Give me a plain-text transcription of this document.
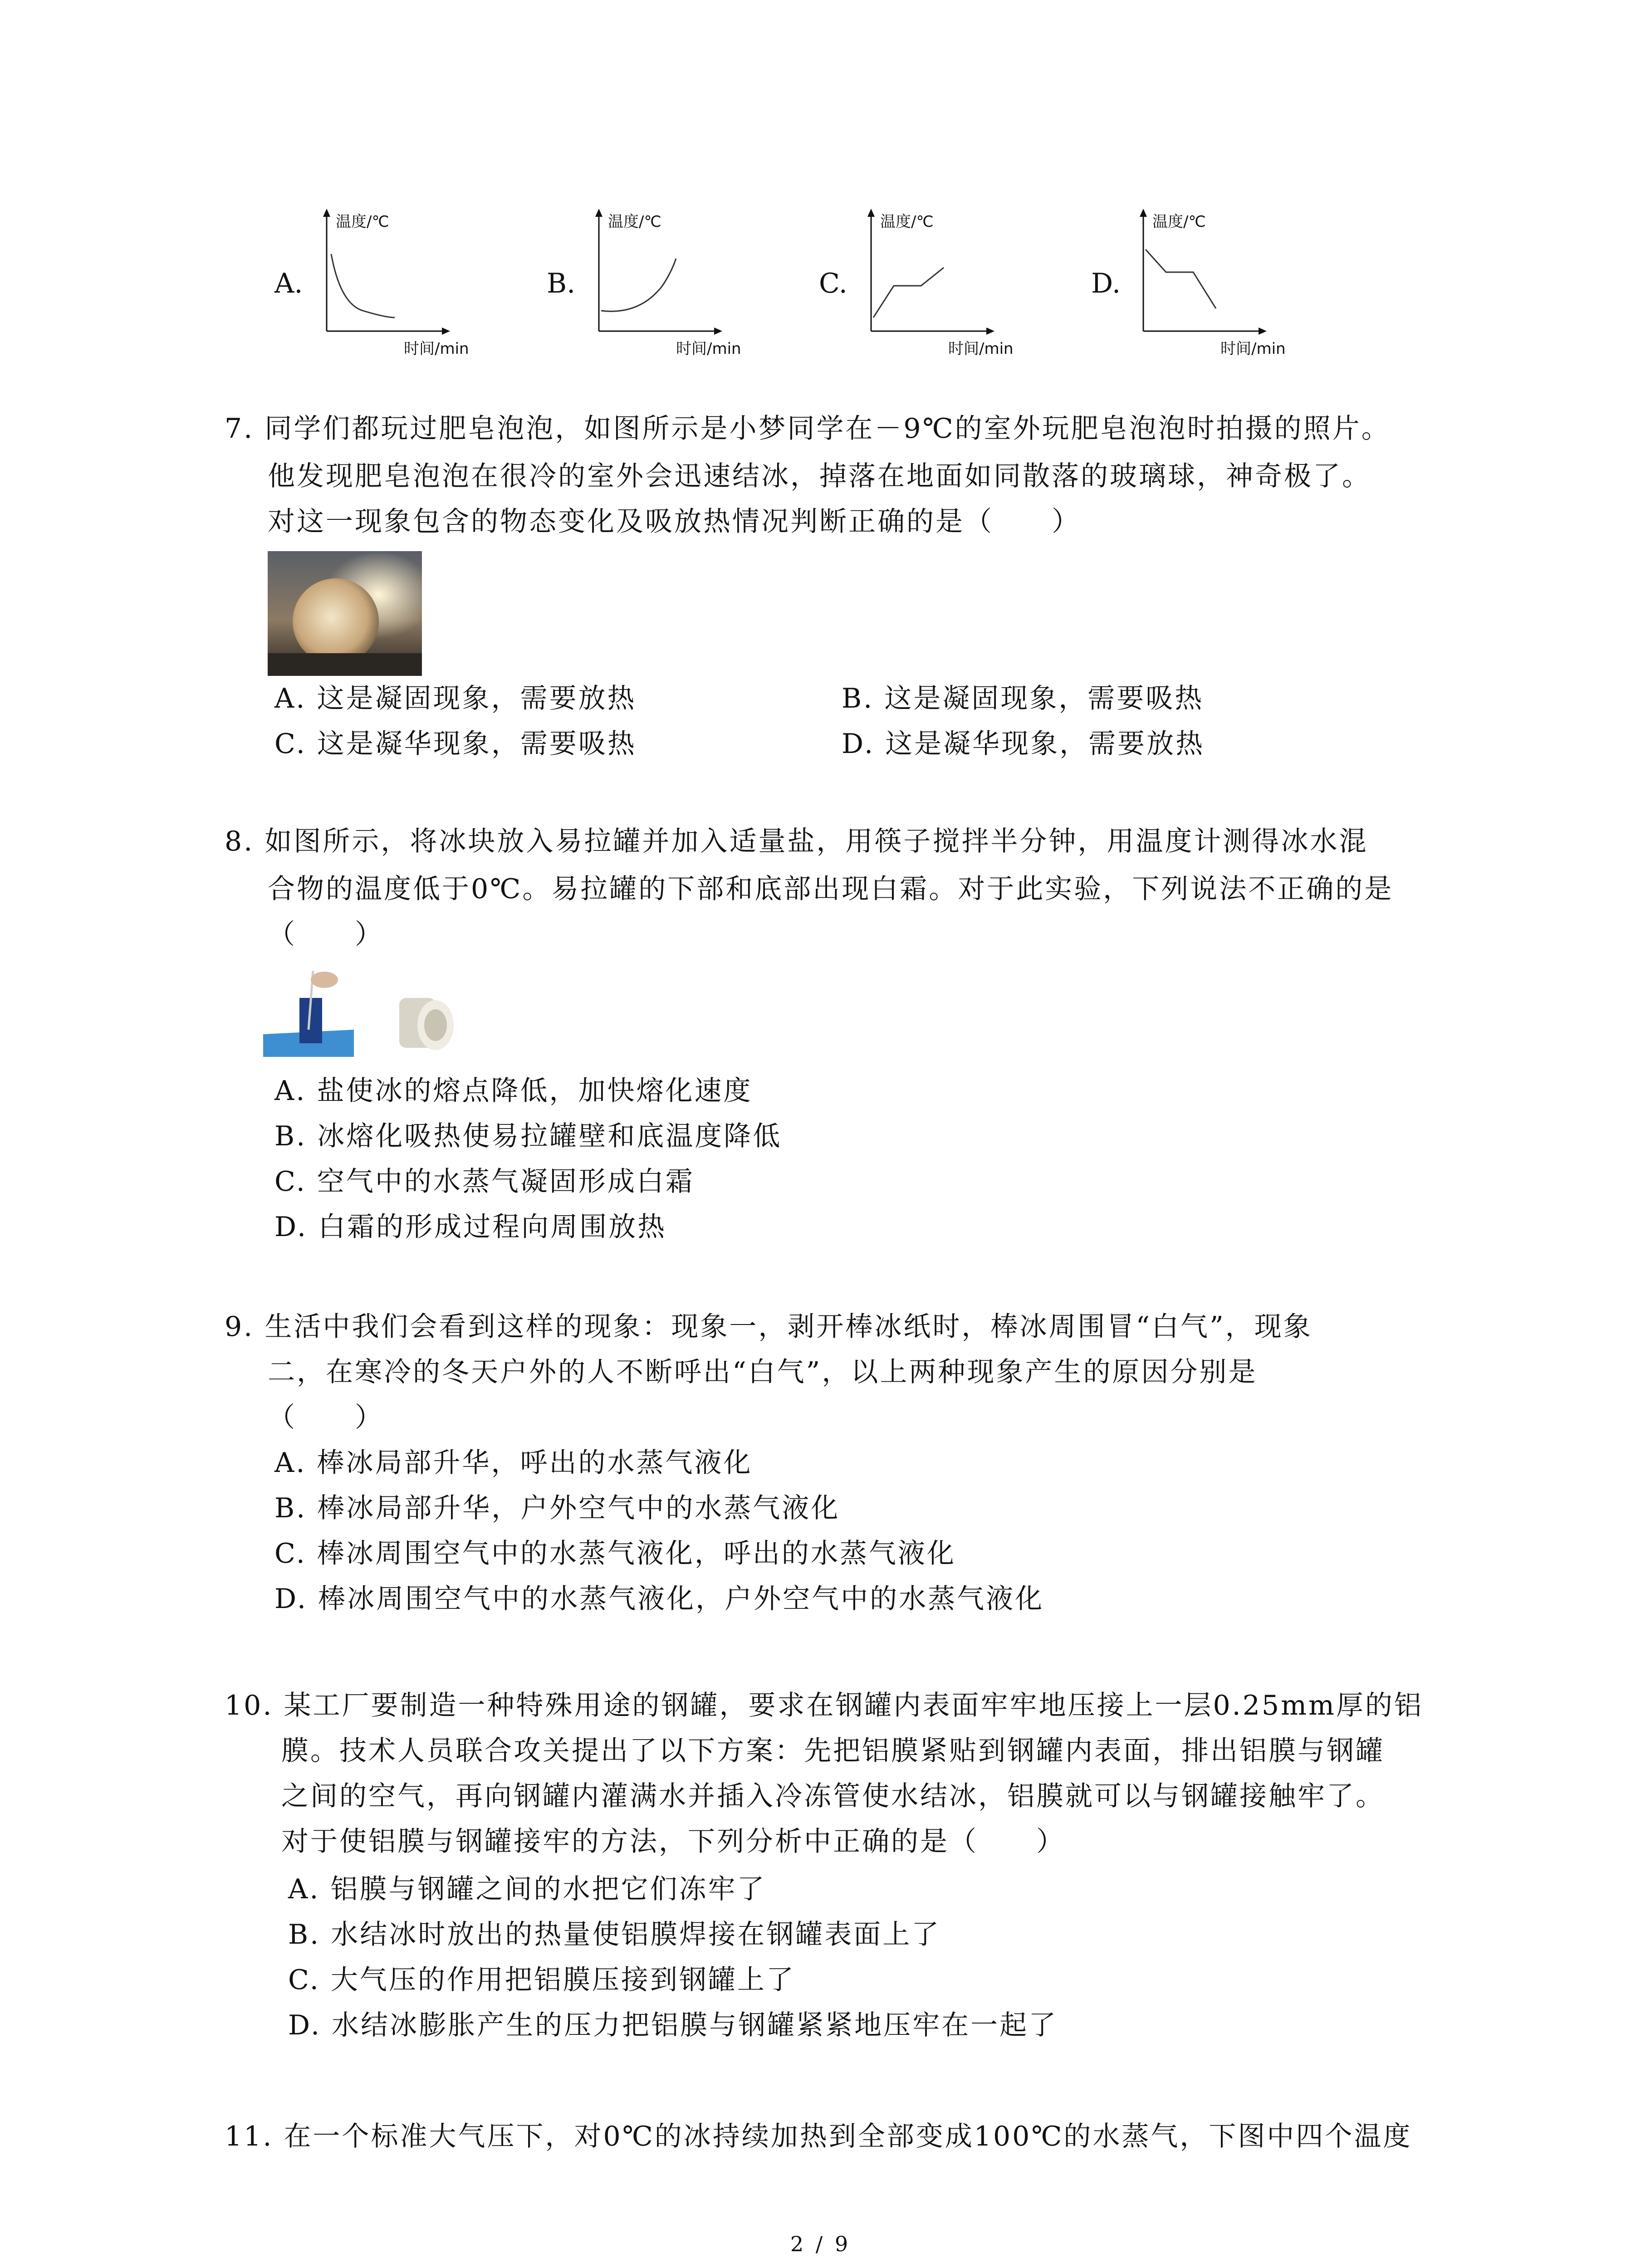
A.
温度/℃
时间/min
B.
温度/℃
时间/min
C.
温度/℃
时间/min
D.
温度/℃
时间/min
7. 同学们都玩过肥皂泡泡，如图所示是小梦同学在－9℃的室外玩肥皂泡泡时拍摄的照片。
他发现肥皂泡泡在很冷的室外会迅速结冰，掉落在地面如同散落的玻璃球，神奇极了。
对这一现象包含的物态变化及吸放热情况判断正确的是（　　）
A. 这是凝固现象，需要放热	B. 这是凝固现象，需要吸热
C. 这是凝华现象，需要吸热	D. 这是凝华现象，需要放热
8. 如图所示，将冰块放入易拉罐并加入适量盐，用筷子搅拌半分钟，用温度计测得冰水混
合物的温度低于0℃。易拉罐的下部和底部出现白霜。对于此实验，下列说法不正确的是
（　　）
A. 盐使冰的熔点降低，加快熔化速度
B. 冰熔化吸热使易拉罐壁和底温度降低
C. 空气中的水蒸气凝固形成白霜
D. 白霜的形成过程向周围放热
9. 生活中我们会看到这样的现象：现象一，剥开棒冰纸时，棒冰周围冒“白气”，现象
二，在寒冷的冬天户外的人不断呼出“白气”，以上两种现象产生的原因分别是
（　　）
A. 棒冰局部升华，呼出的水蒸气液化
B. 棒冰局部升华，户外空气中的水蒸气液化
C. 棒冰周围空气中的水蒸气液化，呼出的水蒸气液化
D. 棒冰周围空气中的水蒸气液化，户外空气中的水蒸气液化
10. 某工厂要制造一种特殊用途的钢罐，要求在钢罐内表面牢牢地压接上一层0.25mm厚的铝
膜。技术人员联合攻关提出了以下方案：先把铝膜紧贴到钢罐内表面，排出铝膜与钢罐
之间的空气，再向钢罐内灌满水并插入冷冻管使水结冰，铝膜就可以与钢罐接触牢了。
对于使铝膜与钢罐接牢的方法，下列分析中正确的是（　　）
A. 铝膜与钢罐之间的水把它们冻牢了
B. 水结冰时放出的热量使铝膜焊接在钢罐表面上了
C. 大气压的作用把铝膜压接到钢罐上了
D. 水结冰膨胀产生的压力把铝膜与钢罐紧紧地压牢在一起了
11. 在一个标准大气压下，对0℃的冰持续加热到全部变成100℃的水蒸气，下图中四个温度
2 / 9
